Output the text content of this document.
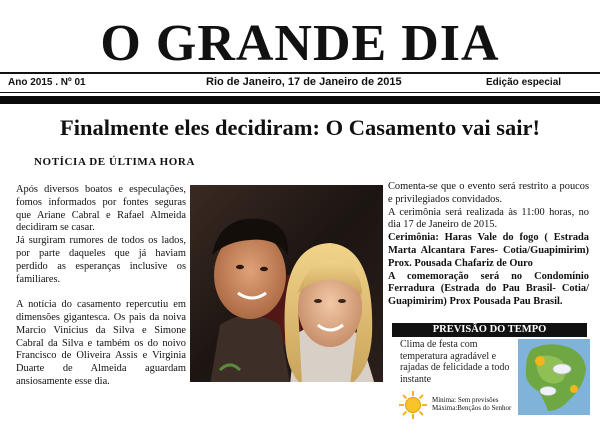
O GRANDE DIA
Ano 2015 . Nº 01	Rio de Janeiro, 17 de Janeiro de 2015	Edição especial
Finalmente eles decidiram: O Casamento vai sair!
NOTÍCIA DE ÚLTIMA HORA

Após diversos boatos e especulações, fomos informados por fontes seguras que Ariane Cabral e Rafael Almeida decidiram se casar.

Já surgiram rumores de todos os lados, por parte daqueles que já haviam perdido as esperanças inclusive os familiares.

A notícia do casamento repercutiu em dimensões gigantesca. Os pais da noiva Marcio Vinicius da Silva e Simone Cabral da Silva e também os do noivo Francisco de Oliveira Assis e Virginia Duarte de Almeida aguardam ansiosamente esse dia.

Comenta-se que o evento será restrito a poucos e privilegiados convidados.

A cerimônia será realizada às 11:00 horas, no dia 17 de Janeiro de 2015.

Cerimônia: Haras Vale do fogo ( Estrada Marta Alcantara Fares- Cotia/Guapimirim) Prox. Pousada Chafariz de Ouro

A comemoração será no Condomínio Ferradura (Estrada do Pau Brasil- Cotia/ Guapimirim) Prox Pousada Pau Brasil.

PREVISÃO DO TEMPO
Clima de festa com temperatura agradável e rajadas de felicidade a todo instante
Mínima: Sem previsões
Máxima:Bençãos do Senhor
